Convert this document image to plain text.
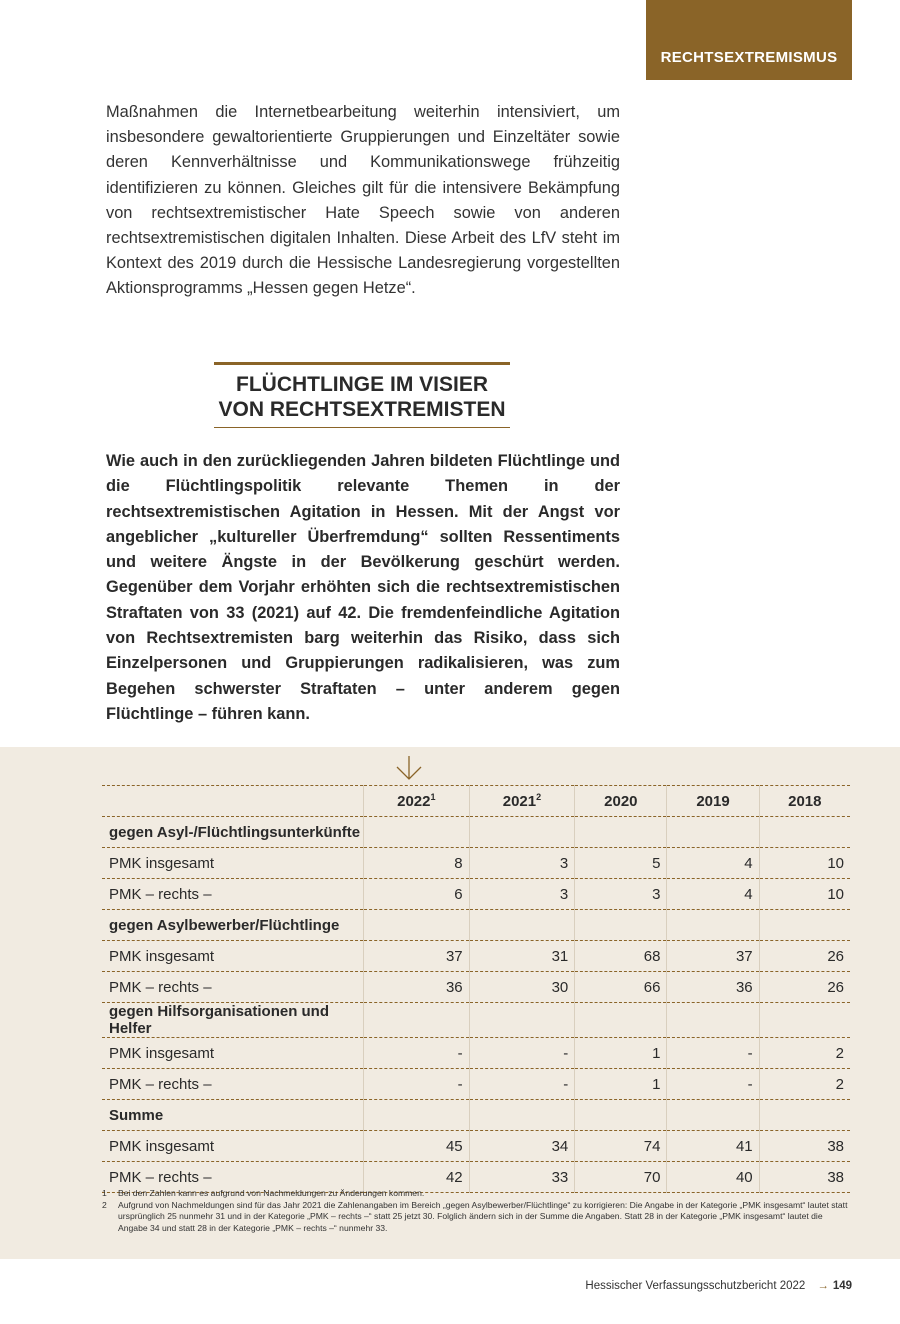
RECHTSEXTREMISMUS
Maßnahmen die Internetbearbeitung weiterhin intensiviert, um insbesondere gewaltorientierte Gruppierungen und Einzeltäter sowie deren Kennverhältnisse und Kommunikationswege frühzeitig identifizieren zu können. Gleiches gilt für die intensivere Bekämpfung von rechtsextremistischer Hate Speech sowie von anderen rechtsextremistischen digitalen Inhalten. Diese Arbeit des LfV steht im Kontext des 2019 durch die Hessische Landesregierung vorgestellten Aktionsprogramms „Hessen gegen Hetze“.
FLÜCHTLINGE IM VISIER
VON RECHTSEXTREMISTEN
Wie auch in den zurückliegenden Jahren bildeten Flüchtlinge und die Flüchtlingspolitik relevante Themen in der rechtsextremistischen Agitation in Hessen. Mit der Angst vor angeblicher „kultureller Überfremdung“ sollten Ressentiments und weitere Ängste in der Bevölkerung geschürt werden. Gegenüber dem Vorjahr erhöhten sich die rechtsextremistischen Straftaten von 33 (2021) auf 42. Die fremdenfeindliche Agitation von Rechtsextremisten barg weiterhin das Risiko, dass sich Einzelpersonen und Gruppierungen radikalisieren, was zum Begehen schwerster Straftaten – unter anderem gegen Flüchtlinge – führen kann.
	2022$^1$	2021$^2$	2020	2019	2018
gegen Asyl-/Flüchtlingsunterkünfte					
PMK insgesamt	8	3	5	4	10
PMK – rechts –	6	3	3	4	10
gegen Asylbewerber/Flüchtlinge					
PMK insgesamt	37	31	68	37	26
PMK – rechts –	36	30	66	36	26
gegen Hilfsorganisationen und Helfer					
PMK insgesamt	-	-	1	-	2
PMK – rechts –	-	-	1	-	2
Summe					
PMK insgesamt	45	34	74	41	38
PMK – rechts –	42	33	70	40	38
1	Bei den Zahlen kann es aufgrund von Nachmeldungen zu Änderungen kommen.
2	Aufgrund von Nachmeldungen sind für das Jahr 2021 die Zahlenangaben im Bereich „gegen Asylbewerber/Flüchtlinge“ zu korrigieren: Die Angabe in der Kategorie „PMK insgesamt“ lautet statt ursprünglich 25 nunmehr 31 und in der Kategorie „PMK – rechts –“ statt 25 jetzt 30. Folglich ändern sich in der Summe die Angaben. Statt 28 in der Kategorie „PMK insgesamt“ lautet die Angabe 34 und statt 28 in der Kategorie „PMK – rechts –“ nunmehr 33.
Hessischer Verfassungsschutzbericht 2022 → 149
